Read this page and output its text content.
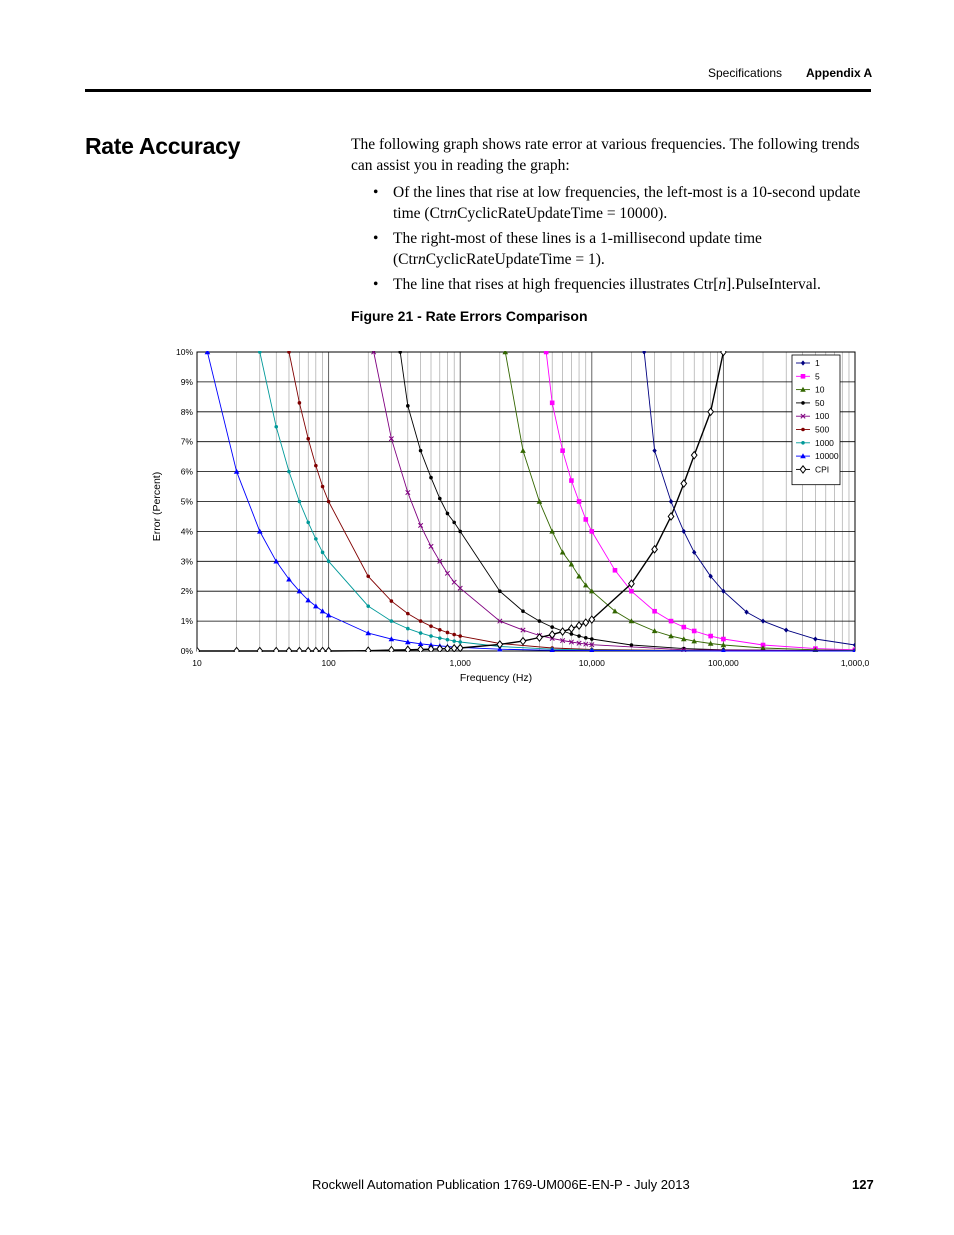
Specifications Appendix A
Rate Accuracy	The following graph shows rate error at various frequencies. The following trends can assist you in reading the graph:

• Of the lines that rise at low frequencies, the left-most is a 10-second update time (CtrnCyclicRateUpdateTime = 10000).
• The right-most of these lines is a 1-millisecond update time (CtrnCyclicRateUpdateTime = 1).
• The line that rises at high frequencies illustrates Ctr[n].PulseInterval.
Figure 21 - Rate Errors Comparison
0%
1%
2%
3%
4%
5%
6%
7%
8%
9%
10%
10	100	1,000	10,000	100,000	1,000,0
Frequency (Hz)
Error (Percent)
1
5
10
50
100
500
1000
10000
CPI
Rockwell Automation Publication 1769-UM006E-EN-P - July 2013	127
